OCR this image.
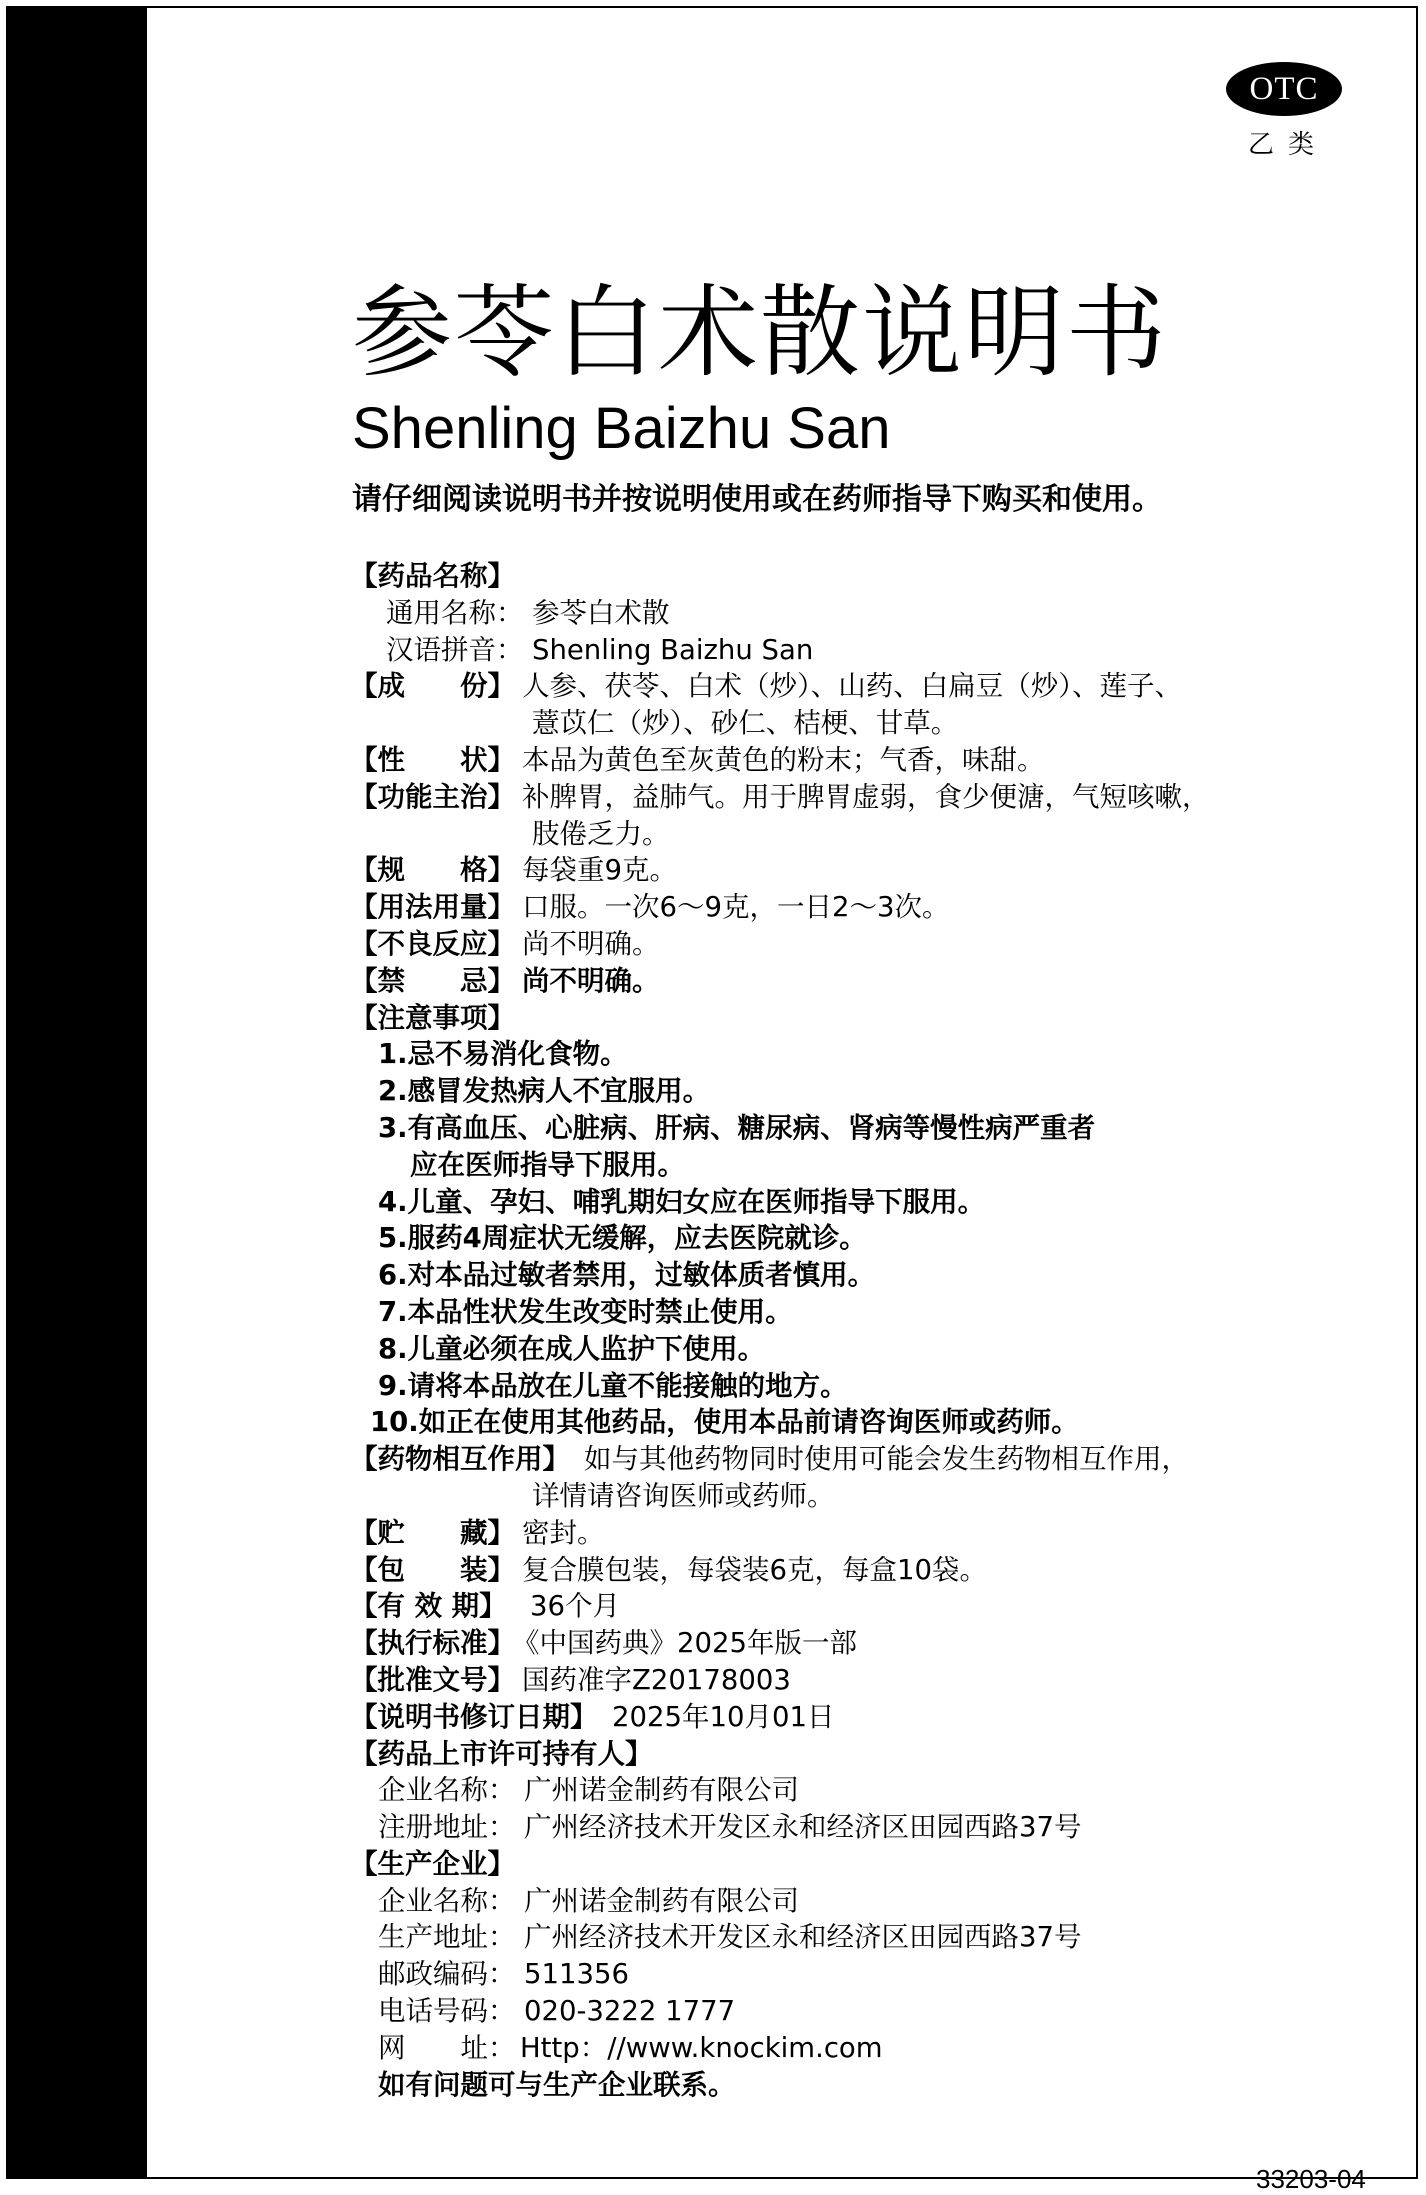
OTC
乙类
参苓白术散说明书
Shenling Baizhu San
请仔细阅读说明书并按说明使用或在药师指导下购买和使用。
【药品名称】
通用名称： 参苓白术散
汉语拼音： Shenling Baizhu San
【成　　份】 人参、茯苓、白术（炒）、山药、白扁豆（炒）、莲子、
薏苡仁（炒）、砂仁、桔梗、甘草。
【性　　状】 本品为黄色至灰黄色的粉末；气香，味甜。
【功能主治】 补脾胃，益肺气。用于脾胃虚弱，食少便溏，气短咳嗽，
肢倦乏力。
【规　　格】 每袋重9克。
【用法用量】 口服。一次6～9克，一日2～3次。
【不良反应】 尚不明确。
【禁　　忌】 尚不明确。
【注意事项】
1.忌不易消化食物。
2.感冒发热病人不宜服用。
3.有高血压、心脏病、肝病、糖尿病、肾病等慢性病严重者
应在医师指导下服用。
4.儿童、孕妇、哺乳期妇女应在医师指导下服用。
5.服药4周症状无缓解，应去医院就诊。
6.对本品过敏者禁用，过敏体质者慎用。
7.本品性状发生改变时禁止使用。
8.儿童必须在成人监护下使用。
9.请将本品放在儿童不能接触的地方。
10.如正在使用其他药品，使用本品前请咨询医师或药师。
【药物相互作用】 如与其他药物同时使用可能会发生药物相互作用，
详情请咨询医师或药师。
【贮　　藏】 密封。
【包　　装】 复合膜包装，每袋装6克，每盒10袋。
【有 效 期】 36个月
【执行标准】
《中国药典》2025年版一部
【批准文号】 国药准字Z20178003
【说明书修订日期】 2025年10月01日
【药品上市许可持有人】
企业名称： 广州诺金制药有限公司
注册地址： 广州经济技术开发区永和经济区田园西路37号
【生产企业】
企业名称： 广州诺金制药有限公司
生产地址： 广州经济技术开发区永和经济区田园西路37号
邮政编码： 511356
电话号码： 020-3222 1777
网　　址： Http：//www.knockim.com
如有问题可与生产企业联系。
33203-04
